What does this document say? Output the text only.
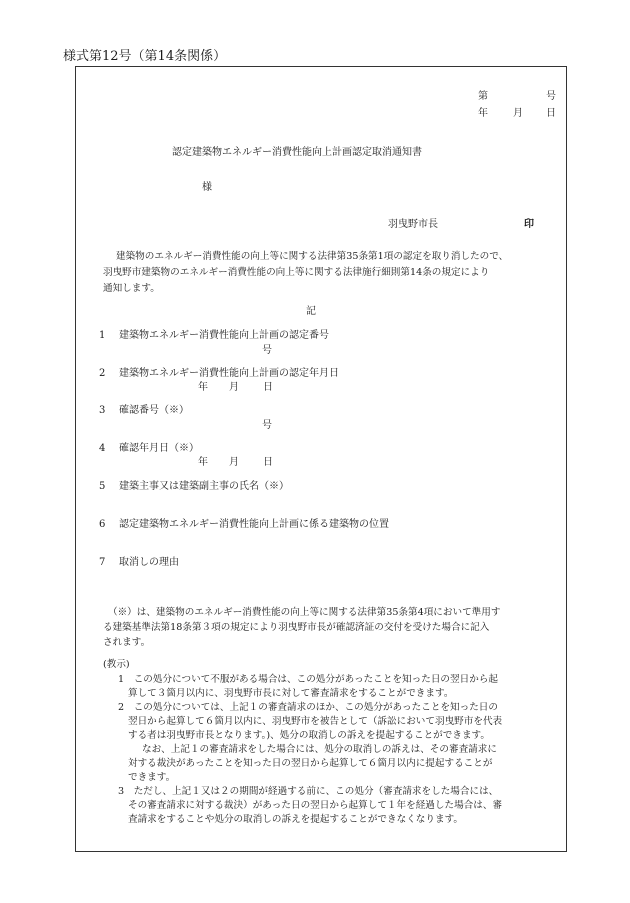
様式第12号（第14条関係）
第	号
年	月 日
認定建築物エネルギー消費性能向上計画認定取消通知書
様
羽曳野市長	印
建築物のエネルギー消費性能の向上等に関する法律第35条第1項の認定を取り消したので、
羽曳野市建築物のエネルギー消費性能の向上等に関する法律施行細則第14条の規定により
通知します。
記
1 建築物エネルギー消費性能向上計画の認定番号
号
2 建築物エネルギー消費性能向上計画の認定年月日
年 月 日
3 確認番号（※）
号
4 確認年月日（※）
年 月 日
5 建築主事又は建築副主事の氏名（※）
6 認定建築物エネルギー消費性能向上計画に係る建築物の位置
7 取消しの理由
（※）は、建築物のエネルギー消費性能の向上等に関する法律第35条第4項において準用す
る建築基準法第18条第３項の規定により羽曳野市長が確認済証の交付を受けた場合に記入
されます。
(教示)
1　この処分について不服がある場合は、この処分があったことを知った日の翌日から起
算して３箇月以内に、羽曳野市長に対して審査請求をすることができます。
2　この処分については、上記１の審査請求のほか、この処分があったことを知った日の
翌日から起算して６箇月以内に、羽曳野市を被告として（訴訟において羽曳野市を代表
する者は羽曳野市長となります。)、処分の取消しの訴えを提起することができます。
なお、上記１の審査請求をした場合には、処分の取消しの訴えは、その審査請求に
対する裁決があったことを知った日の翌日から起算して６箇月以内に提起することが
できます。
3　ただし、上記１又は２の期間が経過する前に、この処分（審査請求をした場合には、
その審査請求に対する裁決）があった日の翌日から起算して１年を経過した場合は、審
査請求をすることや処分の取消しの訴えを提起することができなくなります。
